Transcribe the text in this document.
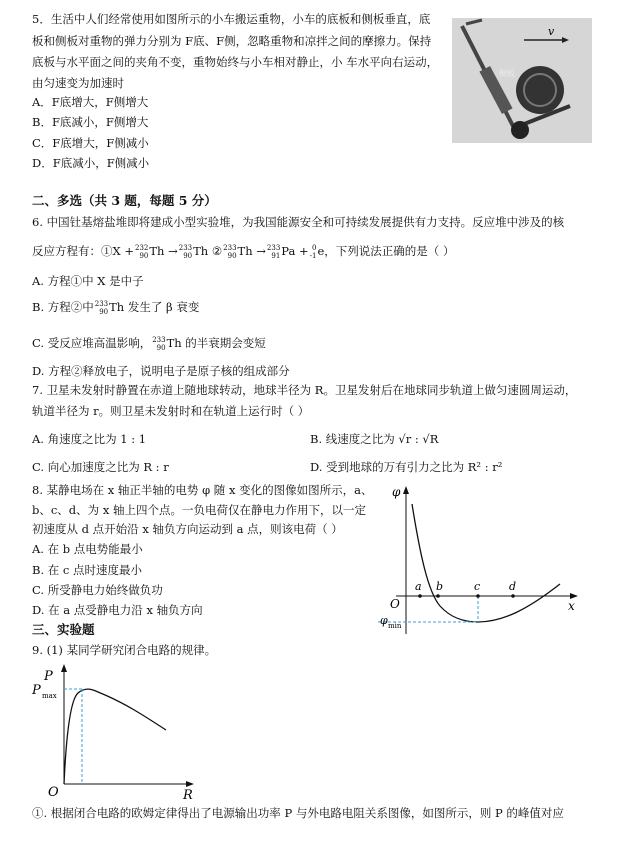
5．生活中人们经常使用如图所示的小车搬运重物，小车的底板和侧板垂直，底
板和侧板对重物的弹力分别为 F底、F侧，忽略重物和凉拌之间的摩擦力。保持
底板与水平面之间的夹角不变，重物始终与小车相对静止，小 车水平向右运动，
由匀速变为加速时
A．F底增大，F侧增大
B．F底减小，F侧增大
C．F底增大，F侧减小
D．F底减小，F侧减小
v
侧板
二、多选（共 3 题，每题 5 分）
6. 中国钍基熔盐堆即将建成小型实验堆，为我国能源安全和可持续发展提供有力支持。反应堆中涉及的核
反应方程有：①X + 232
90 Th → 233
90 Th ② 233
90 Th → 233
91 Pa + 0
-1 e，下列说法正确的是（ ）
A. 方程①中 X 是中子
B. 方程②中 233
90 Th 发生了 β 衰变
C. 受反应堆高温影响， 233
90 Th 的半衰期会变短
D. 方程②释放电子，说明电子是原子核的组成部分
7. 卫星未发射时静置在赤道上随地球转动，地球半径为 R。卫星发射后在地球同步轨道上做匀速圆周运动，
轨道半径为 r。则卫星未发射时和在轨道上运行时（ ）
A. 角速度之比为 1 : 1	B. 线速度之比为 √r : √R
C. 向心加速度之比为 R : r	D. 受到地球的万有引力之比为 R² : r²
8. 某静电场在 x 轴正半轴的电势 φ 随 x 变化的图像如图所示，a、
b、c、d、为 x 轴上四个点。一负电荷仅在静电力作用下，以一定
初速度从 d 点开始沿 x 轴负方向运动到 a 点，则该电荷（ ）
A. 在 b 点电势能最小
B. 在 c 点时速度最小
C. 所受静电力始终做负功
D. 在 a 点受静电力沿 x 轴负方向
φ
O	x
a b	c	d
φ min
三、实验题
9. (1) 某同学研究闭合电路的规律。
P
P max
O	R
①. 根据闭合电路的欧姆定律得出了电源输出功率 P 与外电路电阻关系图像，如图所示，则 P 的峰值对应
